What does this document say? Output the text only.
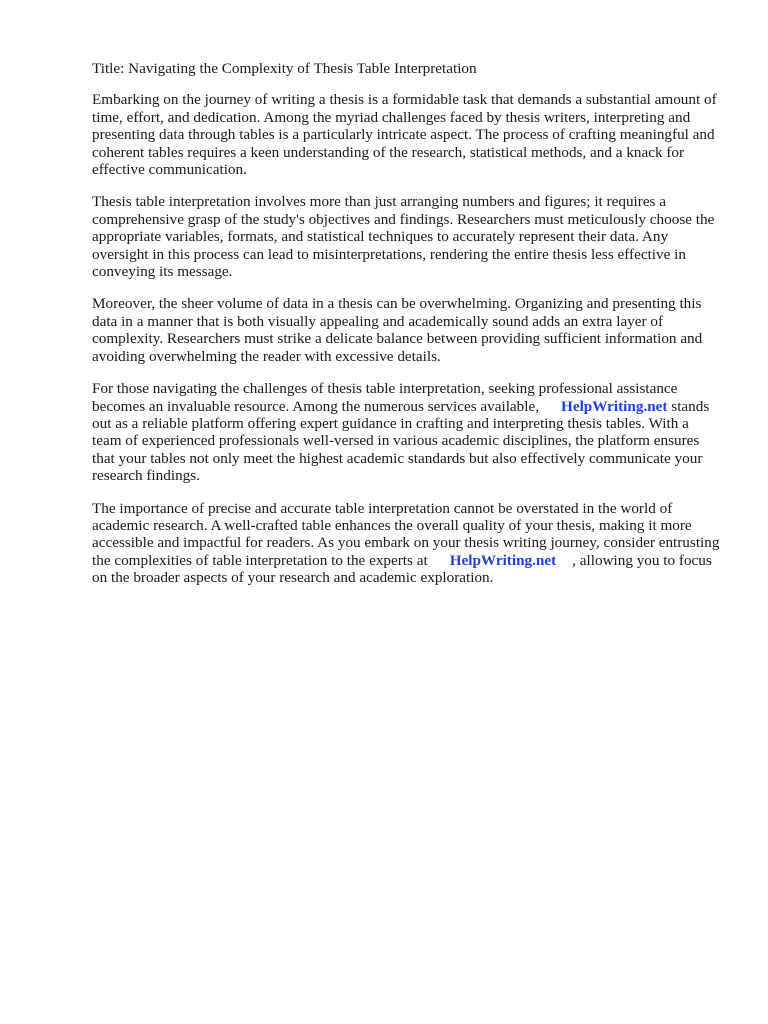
Title: Navigating the Complexity of Thesis Table Interpretation

Embarking on the journey of writing a thesis is a formidable task that demands a substantial amount of time, effort, and dedication. Among the myriad challenges faced by thesis writers, interpreting and presenting data through tables is a particularly intricate aspect. The process of crafting meaningful and coherent tables requires a keen understanding of the research, statistical methods, and a knack for effective communication.

Thesis table interpretation involves more than just arranging numbers and figures; it requires a comprehensive grasp of the study's objectives and findings. Researchers must meticulously choose the appropriate variables, formats, and statistical techniques to accurately represent their data. Any oversight in this process can lead to misinterpretations, rendering the entire thesis less effective in conveying its message.

Moreover, the sheer volume of data in a thesis can be overwhelming. Organizing and presenting this data in a manner that is both visually appealing and academically sound adds an extra layer of complexity. Researchers must strike a delicate balance between providing sufficient information and avoiding overwhelming the reader with excessive details.

For those navigating the challenges of thesis table interpretation, seeking professional assistance becomes an invaluable resource. Among the numerous services available, HelpWriting.net stands out as a reliable platform offering expert guidance in crafting and interpreting thesis tables. With a team of experienced professionals well-versed in various academic disciplines, the platform ensures that your tables not only meet the highest academic standards but also effectively communicate your research findings.

The importance of precise and accurate table interpretation cannot be overstated in the world of academic research. A well-crafted table enhances the overall quality of your thesis, making it more accessible and impactful for readers. As you embark on your thesis writing journey, consider entrusting the complexities of table interpretation to the experts at HelpWriting.net , allowing you to focus on the broader aspects of your research and academic exploration.
